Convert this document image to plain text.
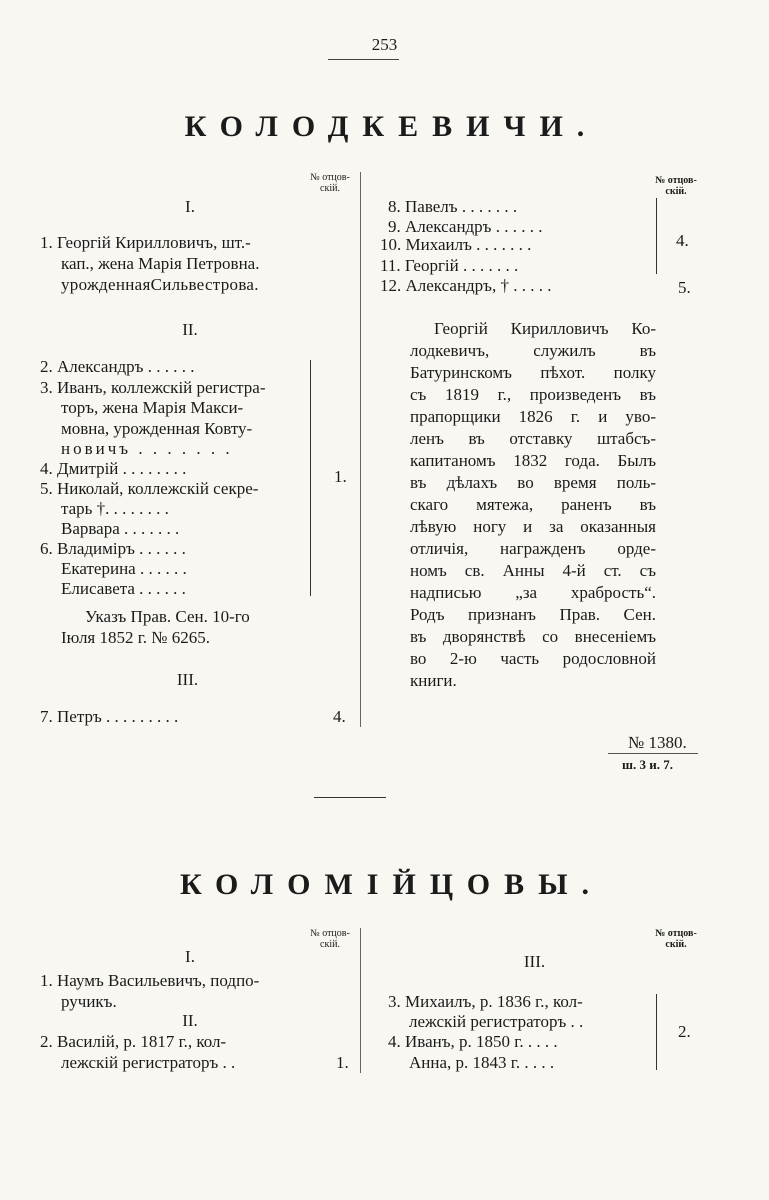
253
КОЛОДКЕВИЧИ.
№ отцов-
скій.
№ отцов-
скій.
I.
1. Георгій Кирилловичъ, шт.-
кап., жена Марія Петровна.
урожденнаяСильвестрова.
II.
2. Александръ . . . . . .
3. Иванъ, коллежскій регистра-
торъ, жена Марія Макси-
мовна, урожденная Ковту-
новичъ . . . . . . .
4. Дмитрій . . . . . . . .
5. Николай, коллежскій секре-
тарь †. . . . . . . .
Варвара . . . . . . .
6. Владиміръ . . . . . .
Екатерина . . . . . .
Елисавета . . . . . .
1.
Указъ Прав. Сен. 10-го
Іюля 1852 г. № 6265.
III.
7. Петръ . . . . . . . . .	4.
8. Павелъ . . . . . . .
9. Александръ . . . . . .
10. Михаилъ . . . . . . .
11. Георгій . . . . . . .
12. Александръ, † . . . . .
4.
5.
Георгій Кирилловичъ Ко-
лодкевичъ, служилъ въ
Батуринскомъ пѣхот. полку
съ 1819 г., произведенъ въ
прапорщики 1826 г. и уво-
ленъ въ отставку штабсъ-
капитаномъ 1832 года. Былъ
въ дѣлахъ во время поль-
скаго мятежа, раненъ въ
лѣвую ногу и за оказанныя
отличія, награжденъ орде-
номъ св. Анны 4-й ст. съ
надписью „за храбрость“.
Родъ признанъ Прав. Сен.
въ дворянствѣ со внесеніемъ
во 2-ю часть родословной
книги.
№ 1380.
ш. 3 и. 7.
КОЛОМІЙЦОВЫ.
№ отцов-
скій.
№ отцов-
скій.
I.
1. Наумъ Васильевичъ, подпо-
ручикъ.
II.
2. Василій, р. 1817 г., кол-
лежскій регистраторъ . .	1.
III.
3. Михаилъ, р. 1836 г., кол-
лежскій регистраторъ . .
4. Иванъ, р. 1850 г. . . . .
Анна, р. 1843 г. . . . .
2.
